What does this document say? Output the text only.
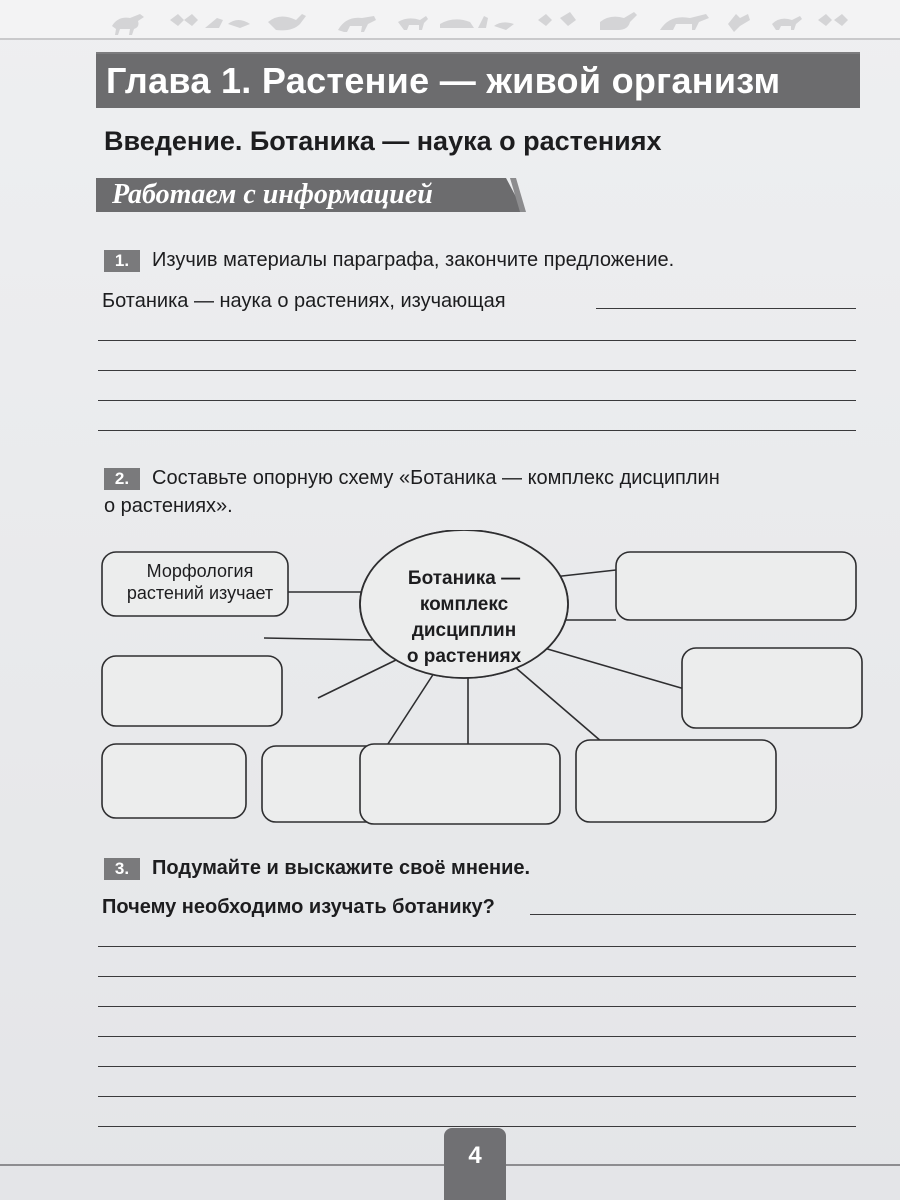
Глава 1. Растение — живой организм
Введение. Ботаника — наука о растениях
Работаем с информацией
1.	Изучив материалы параграфа, закончите предложение.
Ботаника — наука о растениях, изучающая
2.	Составьте опорную схему «Ботаника — комплекс дисциплин
о растениях».
Морфология
растений изучает
Ботаника —
комплекс
дисциплин
о растениях
3.	Подумайте и выскажите своё мнение.
Почему необходимо изучать ботанику?
4
